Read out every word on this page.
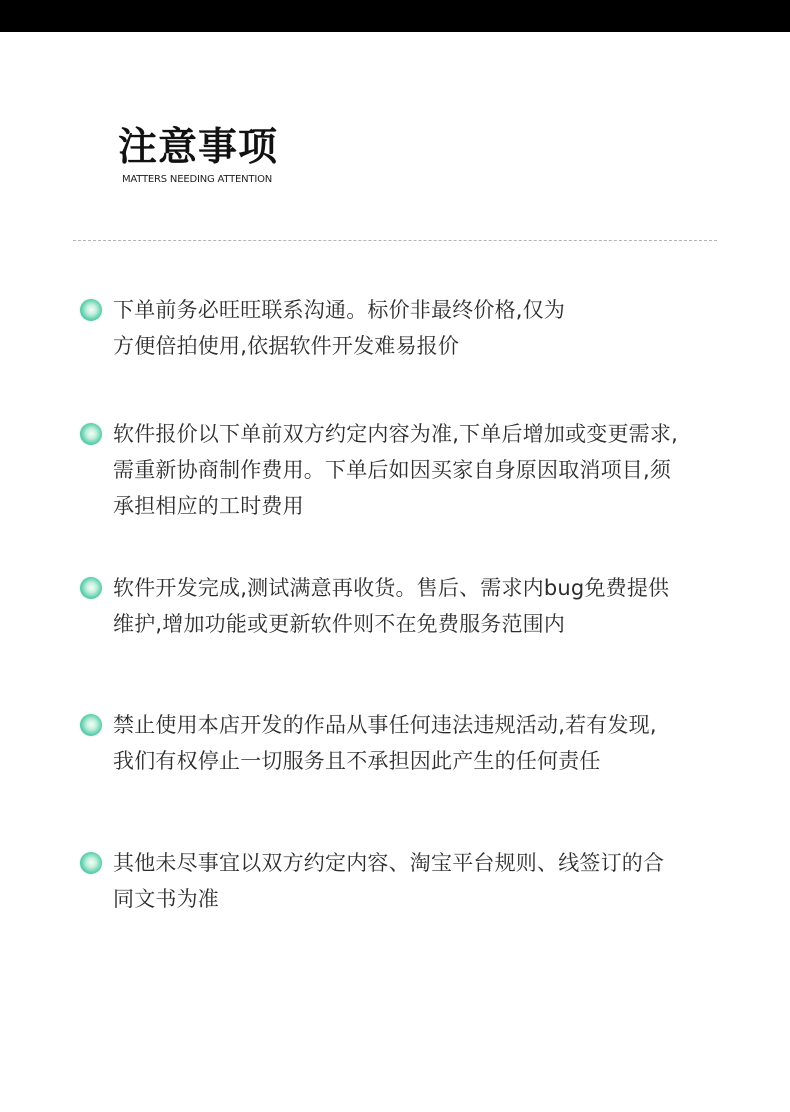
注意事项
MATTERS NEEDING ATTENTION
下单前务必旺旺联系沟通。标价非最终价格,仅为
方便倍拍使用,依据软件开发难易报价
软件报价以下单前双方约定内容为准,下单后增加或变更需求,
需重新协商制作费用。下单后如因买家自身原因取消项目,须
承担相应的工时费用
软件开发完成,测试满意再收货。售后、需求内bug免费提供
维护,增加功能或更新软件则不在免费服务范围内
禁止使用本店开发的作品从事任何违法违规活动,若有发现,
我们有权停止一切服务且不承担因此产生的任何责任
其他未尽事宜以双方约定内容、淘宝平台规则、线签订的合
同文书为准
